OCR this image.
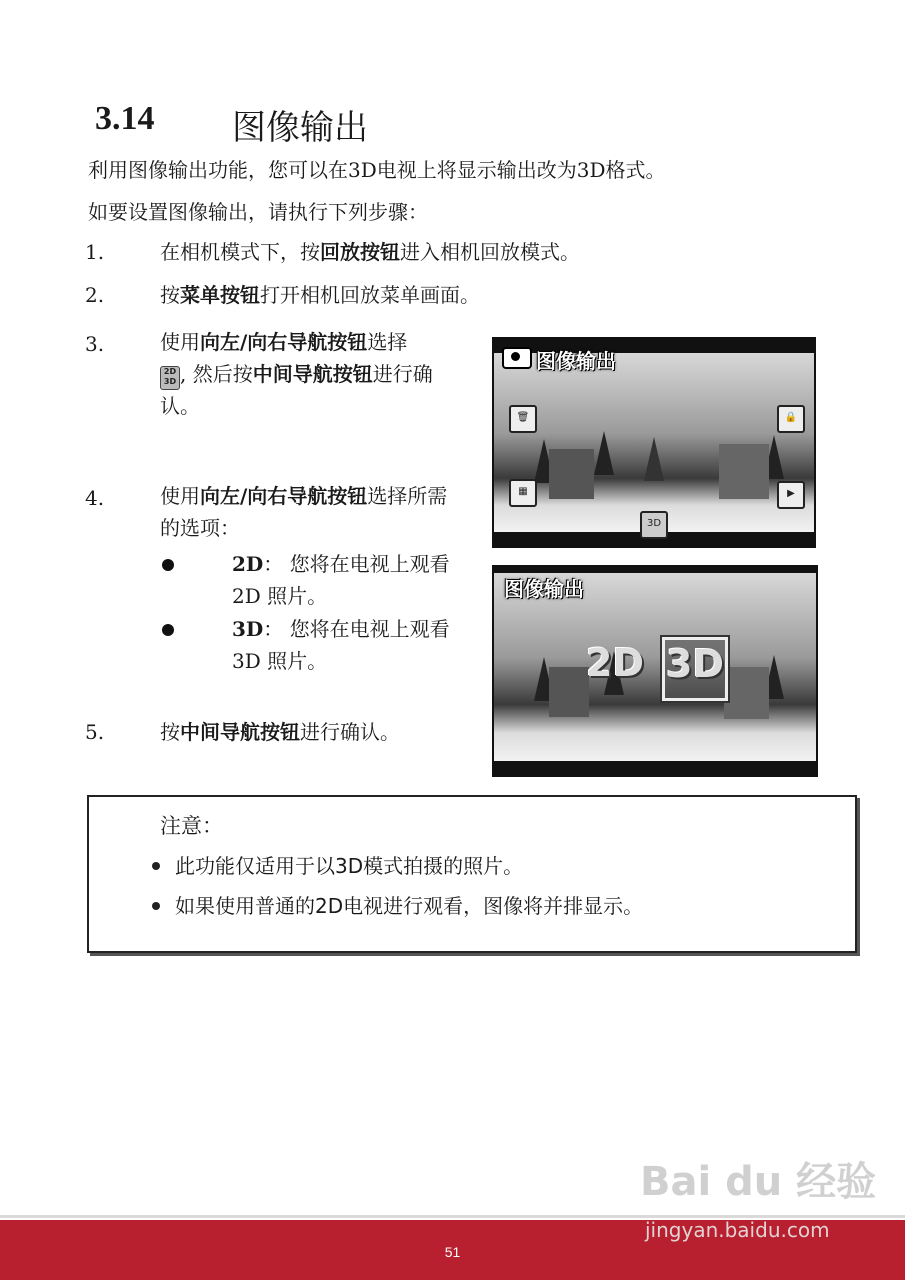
3.14 图像输出
利用图像输出功能，您可以在3D电视上将显示输出改为3D格式。
如要设置图像输出，请执行下列步骤：
1.	在相机模式下，按回放按钮进入相机回放模式。
2.	按菜单按钮打开相机回放菜单画面。
3.	使用向左/向右导航按钮选择
2D
3D , 然后按中间导航按钮进行确认。
4.	使用向左/向右导航按钮选择所需的选项：
2D： 您将在电视上观看 2D 照片。
3D： 您将在电视上观看 3D 照片。
5.	按中间导航按钮进行确认。
图像输出
🗑
▦
🔒
▶
3D
图像输出
2D 3D
注意：
此功能仅适用于以3D模式拍摄的照片。
如果使用普通的2D电视进行观看，图像将并排显示。
Bai du 经验
jingyan.baidu.com
51
